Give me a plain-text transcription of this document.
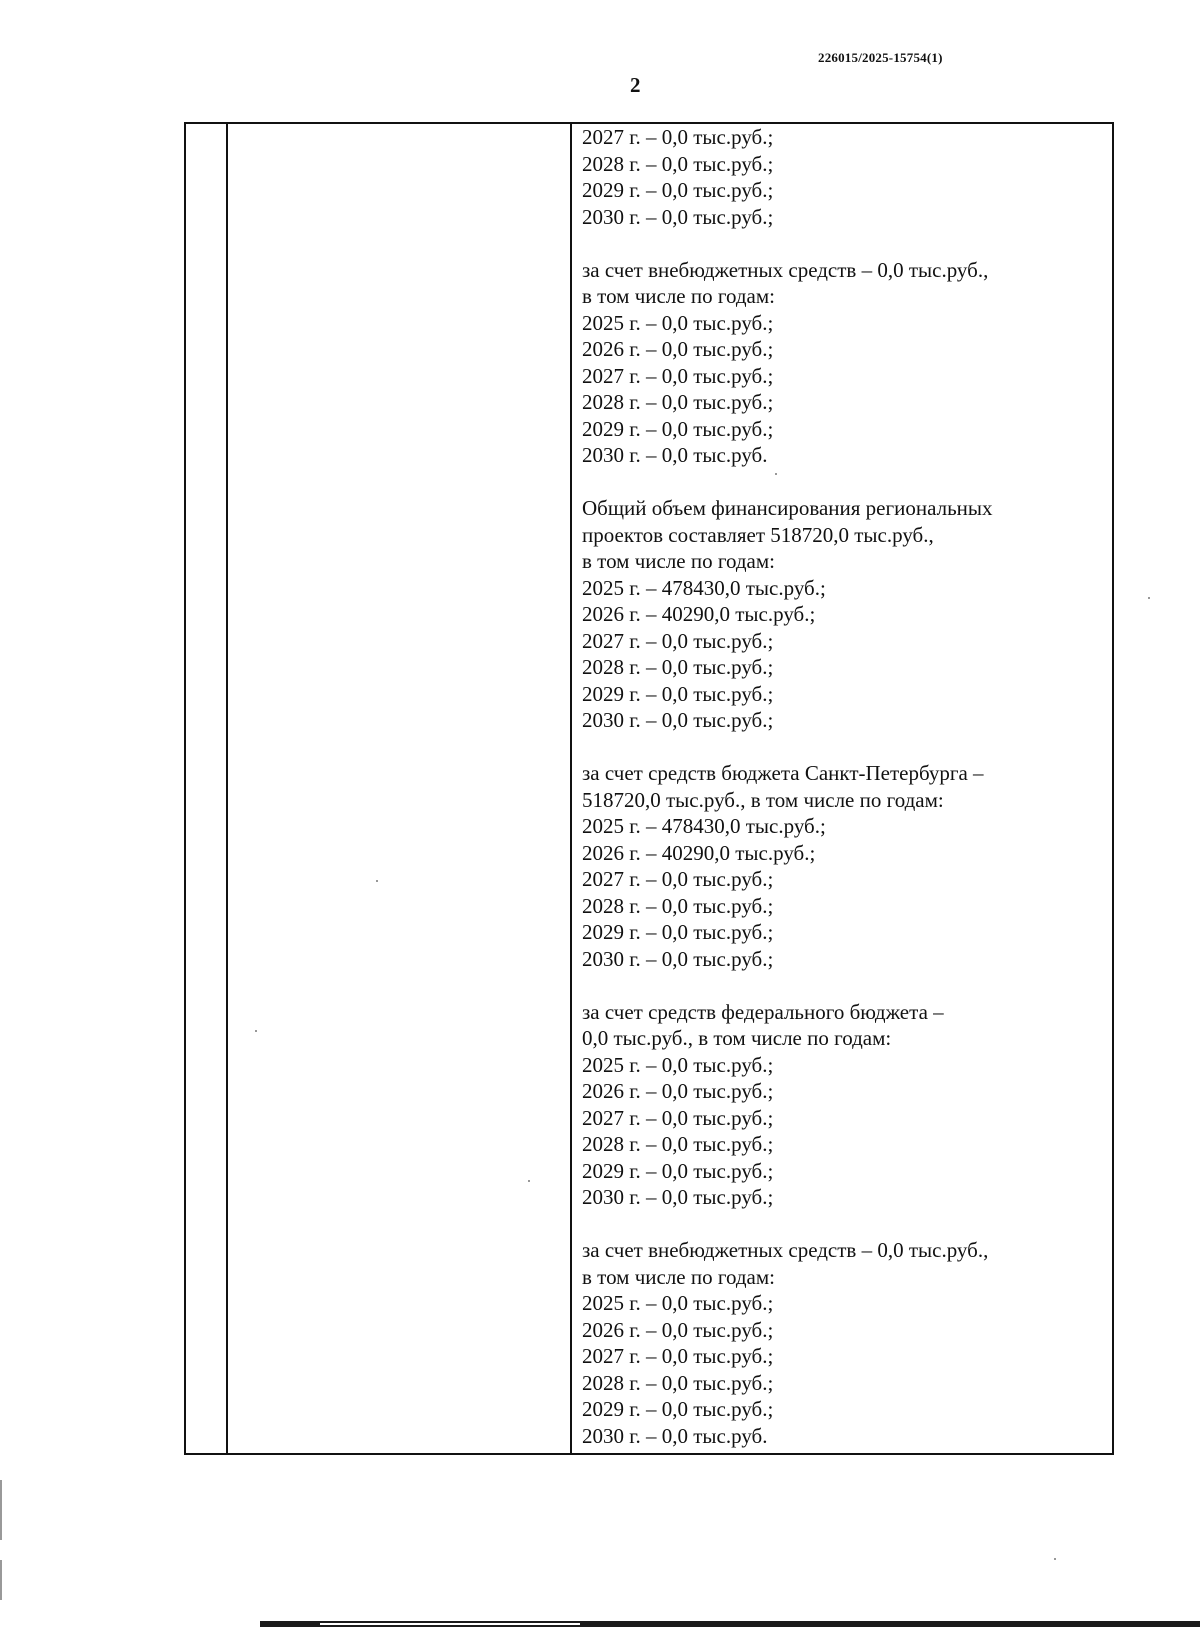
226015/2025-15754(1)
2
2027 г. – 0,0 тыс.руб.;
2028 г. – 0,0 тыс.руб.;
2029 г. – 0,0 тыс.руб.;
2030 г. – 0,0 тыс.руб.;
за счет внебюджетных средств – 0,0 тыс.руб.,
в том числе по годам:
2025 г. – 0,0 тыс.руб.;
2026 г. – 0,0 тыс.руб.;
2027 г. – 0,0 тыс.руб.;
2028 г. – 0,0 тыс.руб.;
2029 г. – 0,0 тыс.руб.;
2030 г. – 0,0 тыс.руб.
Общий объем финансирования региональных
проектов составляет 518720,0 тыс.руб.,
в том числе по годам:
2025 г. – 478430,0 тыс.руб.;
2026 г. – 40290,0 тыс.руб.;
2027 г. – 0,0 тыс.руб.;
2028 г. – 0,0 тыс.руб.;
2029 г. – 0,0 тыс.руб.;
2030 г. – 0,0 тыс.руб.;
за счет средств бюджета Санкт-Петербурга –
518720,0 тыс.руб., в том числе по годам:
2025 г. – 478430,0 тыс.руб.;
2026 г. – 40290,0 тыс.руб.;
2027 г. – 0,0 тыс.руб.;
2028 г. – 0,0 тыс.руб.;
2029 г. – 0,0 тыс.руб.;
2030 г. – 0,0 тыс.руб.;
за счет средств федерального бюджета –
0,0 тыс.руб., в том числе по годам:
2025 г. – 0,0 тыс.руб.;
2026 г. – 0,0 тыс.руб.;
2027 г. – 0,0 тыс.руб.;
2028 г. – 0,0 тыс.руб.;
2029 г. – 0,0 тыс.руб.;
2030 г. – 0,0 тыс.руб.;
за счет внебюджетных средств – 0,0 тыс.руб.,
в том числе по годам:
2025 г. – 0,0 тыс.руб.;
2026 г. – 0,0 тыс.руб.;
2027 г. – 0,0 тыс.руб.;
2028 г. – 0,0 тыс.руб.;
2029 г. – 0,0 тыс.руб.;
2030 г. – 0,0 тыс.руб.
